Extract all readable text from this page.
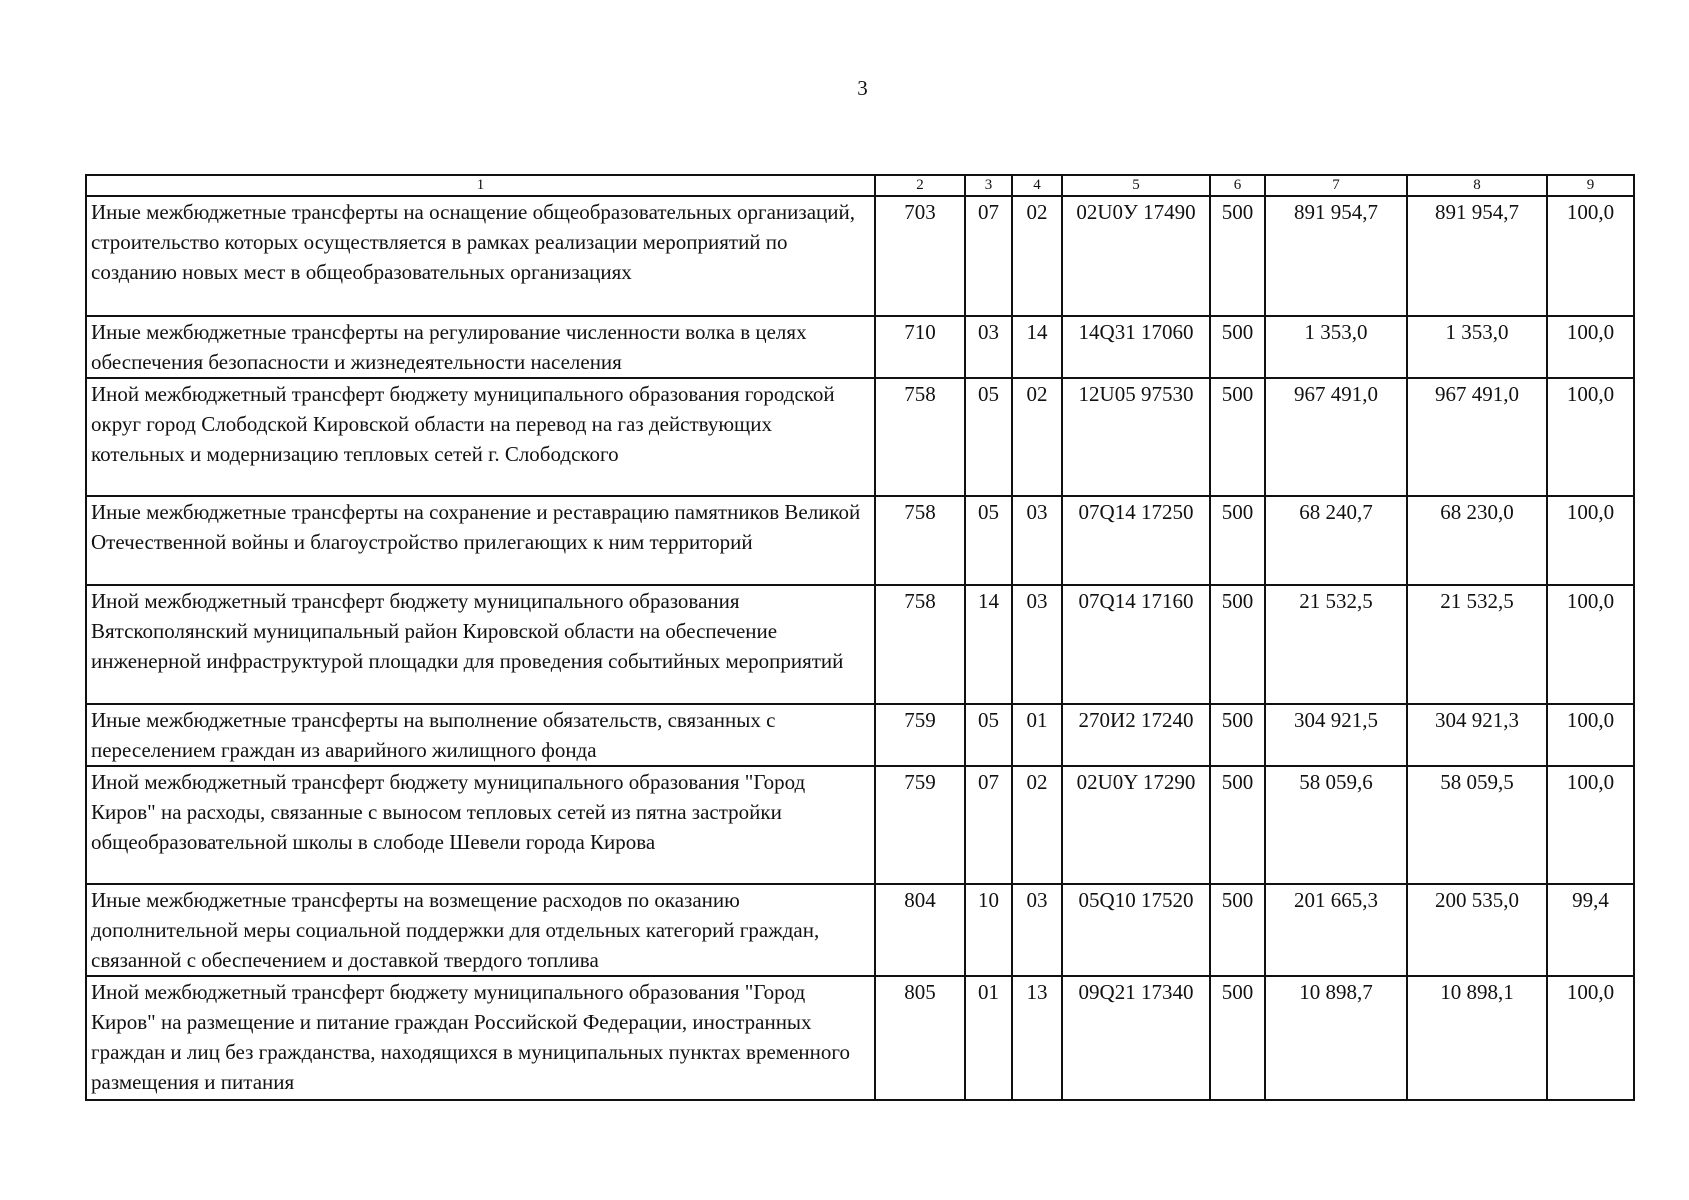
3
1	2	3	4	5	6	7	8	9
Иные межбюджетные трансферты на оснащение общеобразовательных организаций, строительство которых осуществляется в рамках реализации мероприятий по созданию новых мест в общеобразовательных организациях	703	07	02	02U0У 17490	500	891 954,7	891 954,7	100,0
Иные межбюджетные трансферты на регулирование численности волка в целях обеспечения безопасности и жизнедеятельности населения	710	03	14	14Q31 17060	500	1 353,0	1 353,0	100,0
Иной межбюджетный трансферт бюджету муниципального образования городской округ город Слободской Кировской области на перевод на газ действующих котельных и модернизацию тепловых сетей г. Слободского	758	05	02	12U05 97530	500	967 491,0	967 491,0	100,0
Иные межбюджетные трансферты на сохранение и реставрацию памятников Великой Отечественной войны и благоустройство прилегающих к ним территорий	758	05	03	07Q14 17250	500	68 240,7	68 230,0	100,0
Иной межбюджетный трансферт бюджету муниципального образования Вятскополянский муниципальный район Кировской области на обеспечение инженерной инфраструктурой площадки для проведения событийных мероприятий	758	14	03	07Q14 17160	500	21 532,5	21 532,5	100,0
Иные межбюджетные трансферты на выполнение обязательств, связанных с переселением граждан из аварийного жилищного фонда	759	05	01	270И2 17240	500	304 921,5	304 921,3	100,0
Иной межбюджетный трансферт бюджету муниципального образования "Город Киров" на расходы, связанные с выносом тепловых сетей из пятна застройки общеобразовательной школы в слободе Шевели города Кирова	759	07	02	02U0Y 17290	500	58 059,6	58 059,5	100,0
Иные межбюджетные трансферты на возмещение расходов по оказанию дополнительной меры социальной поддержки для отдельных категорий граждан, связанной с обеспечением и доставкой твердого топлива	804	10	03	05Q10 17520	500	201 665,3	200 535,0	99,4
Иной межбюджетный трансферт бюджету муниципального образования "Город Киров" на размещение и питание граждан Российской Федерации, иностранных граждан и лиц без гражданства, находящихся в муниципальных пунктах временного размещения и питания	805	01	13	09Q21 17340	500	10 898,7	10 898,1	100,0
